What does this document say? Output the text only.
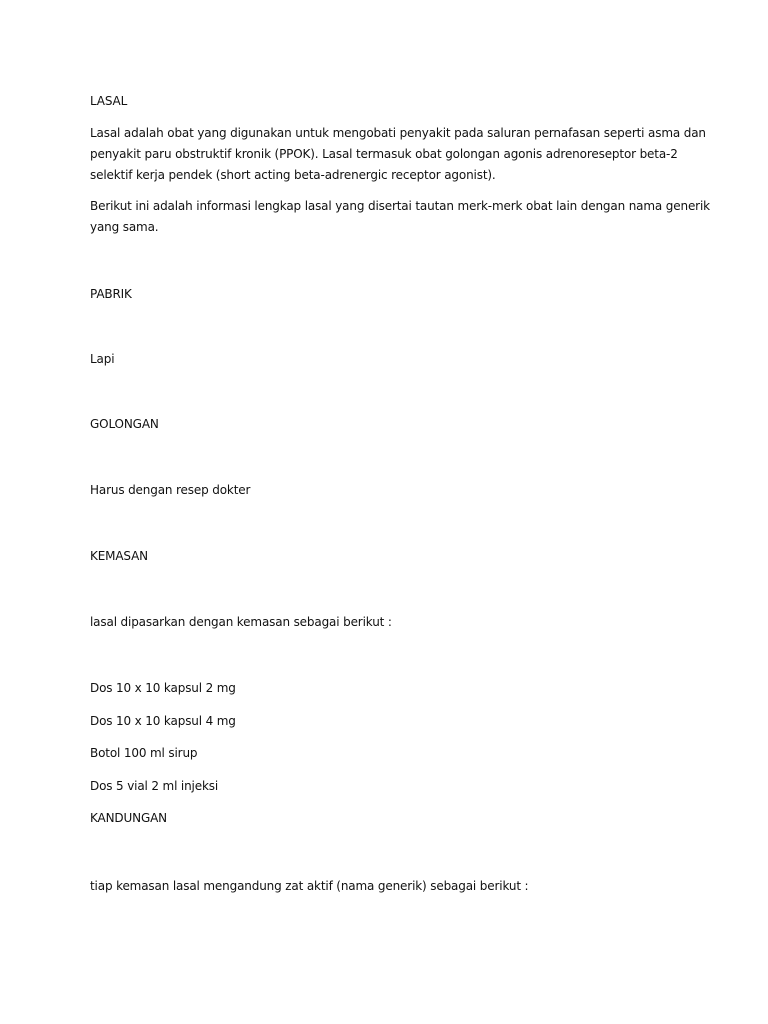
LASAL

Lasal adalah obat yang digunakan untuk mengobati penyakit pada saluran pernafasan seperti asma dan
penyakit paru obstruktif kronik (PPOK). Lasal termasuk obat golongan agonis adrenoreseptor beta-2
selektif kerja pendek (short acting beta-adrenergic receptor agonist).
Berikut ini adalah informasi lengkap lasal yang disertai tautan merk-merk obat lain dengan nama generik
yang sama.

PABRIK

Lapi

GOLONGAN

Harus dengan resep dokter

KEMASAN

lasal dipasarkan dengan kemasan sebagai berikut :

Dos 10 x 10 kapsul 2 mg

Dos 10 x 10 kapsul 4 mg

Botol 100 ml sirup

Dos 5 vial 2 ml injeksi

KANDUNGAN

tiap kemasan lasal mengandung zat aktif (nama generik) sebagai berikut :
